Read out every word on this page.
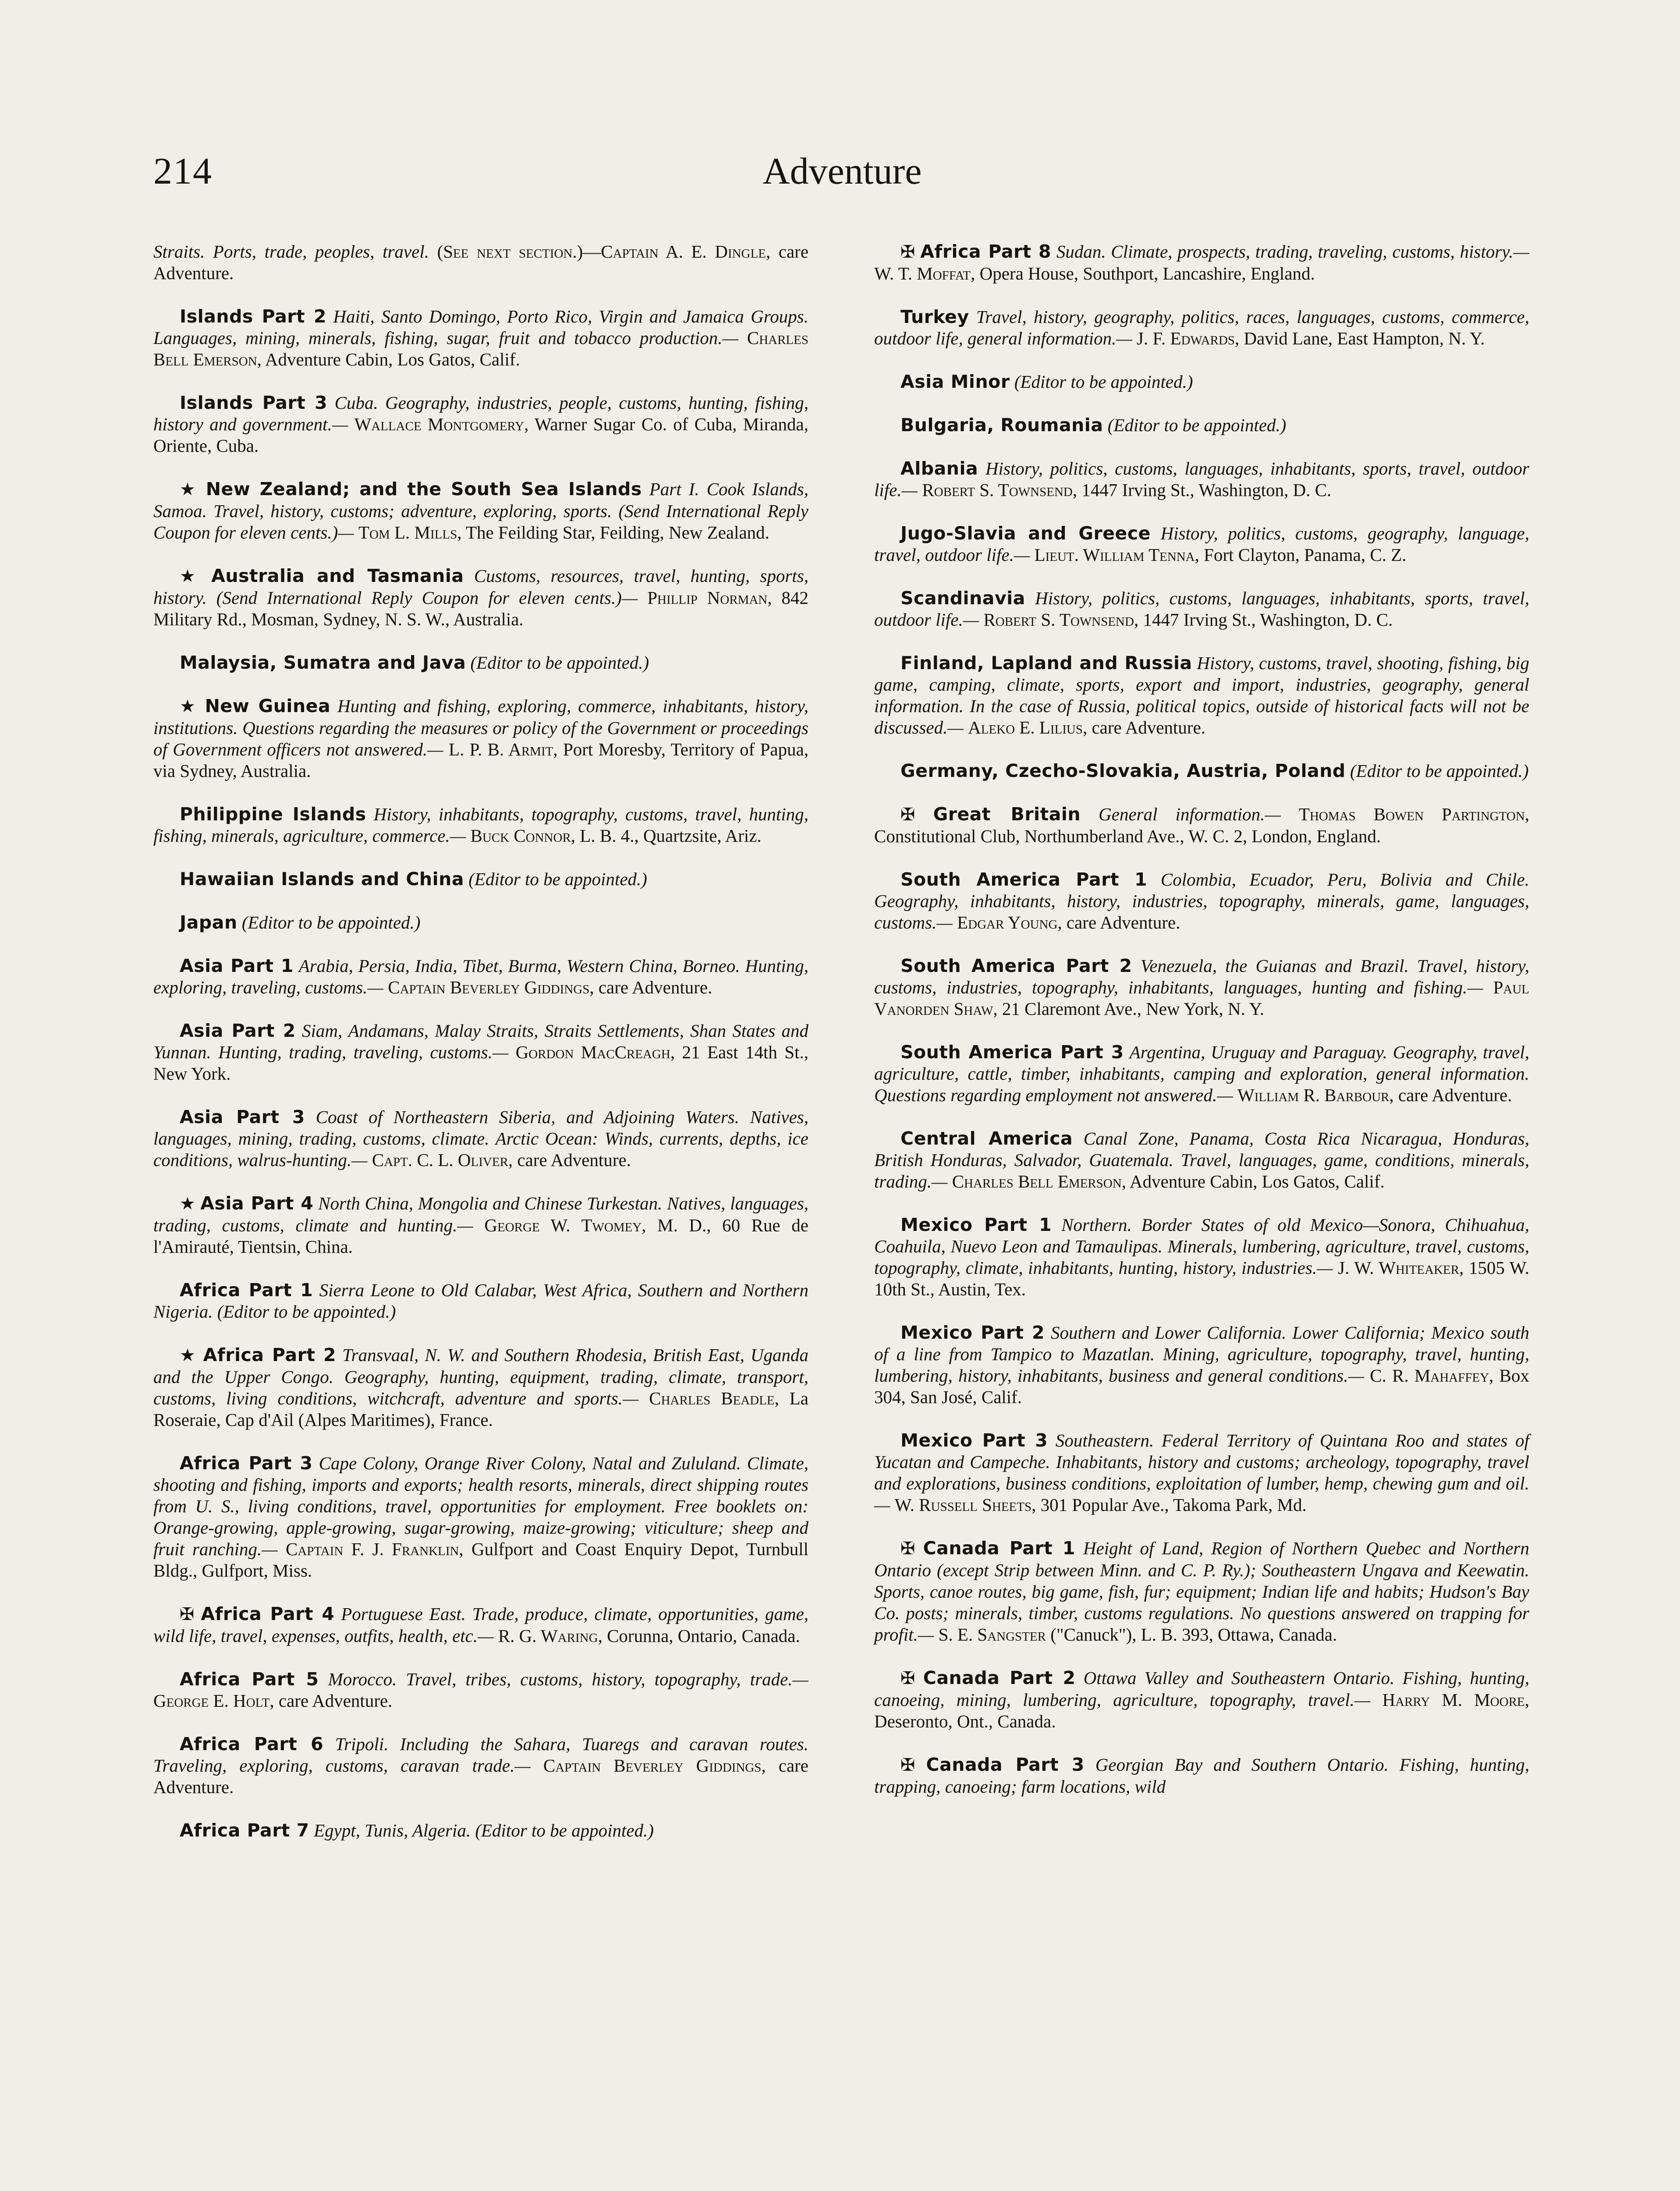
214	Adventure

Straits. Ports, trade, peoples, travel. (See next section.)—Captain A. E. Dingle, care Adventure.

Islands Part 2 Haiti, Santo Domingo, Porto Rico, Virgin and Jamaica Groups. Languages, mining, minerals, fishing, sugar, fruit and tobacco production.— Charles Bell Emerson, Adventure Cabin, Los Gatos, Calif.

Islands Part 3 Cuba. Geography, industries, people, customs, hunting, fishing, history and government.— Wallace Montgomery, Warner Sugar Co. of Cuba, Miranda, Oriente, Cuba.

★ New Zealand; and the South Sea Islands Part I. Cook Islands, Samoa. Travel, history, customs; adventure, exploring, sports. (Send International Reply Coupon for eleven cents.)— Tom L. Mills, The Feilding Star, Feilding, New Zealand.

★ Australia and Tasmania Customs, resources, travel, hunting, sports, history. (Send International Reply Coupon for eleven cents.)— Phillip Norman, 842 Military Rd., Mosman, Sydney, N. S. W., Australia.

Malaysia, Sumatra and Java (Editor to be appointed.)

★ New Guinea Hunting and fishing, exploring, commerce, inhabitants, history, institutions. Questions regarding the measures or policy of the Government or proceedings of Government officers not answered.— L. P. B. Armit, Port Moresby, Territory of Papua, via Sydney, Australia.

Philippine Islands History, inhabitants, topography, customs, travel, hunting, fishing, minerals, agriculture, commerce.— Buck Connor, L. B. 4., Quartzsite, Ariz.

Hawaiian Islands and China (Editor to be appointed.)

Japan (Editor to be appointed.)

Asia Part 1 Arabia, Persia, India, Tibet, Burma, Western China, Borneo. Hunting, exploring, traveling, customs.— Captain Beverley Giddings, care Adventure.

Asia Part 2 Siam, Andamans, Malay Straits, Straits Settlements, Shan States and Yunnan. Hunting, trading, traveling, customs.— Gordon MacCreagh, 21 East 14th St., New York.

Asia Part 3 Coast of Northeastern Siberia, and Adjoining Waters. Natives, languages, mining, trading, customs, climate. Arctic Ocean: Winds, currents, depths, ice conditions, walrus-hunting.— Capt. C. L. Oliver, care Adventure.

★ Asia Part 4 North China, Mongolia and Chinese Turkestan. Natives, languages, trading, customs, climate and hunting.— George W. Twomey, M. D., 60 Rue de l'Amirauté, Tientsin, China.

Africa Part 1 Sierra Leone to Old Calabar, West Africa, Southern and Northern Nigeria. (Editor to be appointed.)

★ Africa Part 2 Transvaal, N. W. and Southern Rhodesia, British East, Uganda and the Upper Congo. Geography, hunting, equipment, trading, climate, transport, customs, living conditions, witchcraft, adventure and sports.— Charles Beadle, La Roseraie, Cap d'Ail (Alpes Maritimes), France.

Africa Part 3 Cape Colony, Orange River Colony, Natal and Zululand. Climate, shooting and fishing, imports and exports; health resorts, minerals, direct shipping routes from U. S., living conditions, travel, opportunities for employment. Free booklets on: Orange-growing, apple-growing, sugar-growing, maize-growing; viticulture; sheep and fruit ranching.— Captain F. J. Franklin, Gulfport and Coast Enquiry Depot, Turnbull Bldg., Gulfport, Miss.

✠ Africa Part 4 Portuguese East. Trade, produce, climate, opportunities, game, wild life, travel, expenses, outfits, health, etc.— R. G. Waring, Corunna, Ontario, Canada.

Africa Part 5 Morocco. Travel, tribes, customs, history, topography, trade.— George E. Holt, care Adventure.

Africa Part 6 Tripoli. Including the Sahara, Tuaregs and caravan routes. Traveling, exploring, customs, caravan trade.— Captain Beverley Giddings, care Adventure.

Africa Part 7 Egypt, Tunis, Algeria. (Editor to be appointed.)

✠ Africa Part 8 Sudan. Climate, prospects, trading, traveling, customs, history.— W. T. Moffat, Opera House, Southport, Lancashire, England.

Turkey Travel, history, geography, politics, races, languages, customs, commerce, outdoor life, general information.— J. F. Edwards, David Lane, East Hampton, N. Y.

Asia Minor (Editor to be appointed.)

Bulgaria, Roumania (Editor to be appointed.)

Albania History, politics, customs, languages, inhabitants, sports, travel, outdoor life.— Robert S. Townsend, 1447 Irving St., Washington, D. C.

Jugo-Slavia and Greece History, politics, customs, geography, language, travel, outdoor life.— Lieut. William Tenna, Fort Clayton, Panama, C. Z.

Scandinavia History, politics, customs, languages, inhabitants, sports, travel, outdoor life.— Robert S. Townsend, 1447 Irving St., Washington, D. C.

Finland, Lapland and Russia History, customs, travel, shooting, fishing, big game, camping, climate, sports, export and import, industries, geography, general information. In the case of Russia, political topics, outside of historical facts will not be discussed.— Aleko E. Lilius, care Adventure.

Germany, Czecho-Slovakia, Austria, Poland (Editor to be appointed.)

✠ Great Britain General information.— Thomas Bowen Partington, Constitutional Club, Northumberland Ave., W. C. 2, London, England.

South America Part 1 Colombia, Ecuador, Peru, Bolivia and Chile. Geography, inhabitants, history, industries, topography, minerals, game, languages, customs.— Edgar Young, care Adventure.

South America Part 2 Venezuela, the Guianas and Brazil. Travel, history, customs, industries, topography, inhabitants, languages, hunting and fishing.— Paul Vanorden Shaw, 21 Claremont Ave., New York, N. Y.

South America Part 3 Argentina, Uruguay and Paraguay. Geography, travel, agriculture, cattle, timber, inhabitants, camping and exploration, general information. Questions regarding employment not answered.— William R. Barbour, care Adventure.

Central America Canal Zone, Panama, Costa Rica Nicaragua, Honduras, British Honduras, Salvador, Guatemala. Travel, languages, game, conditions, minerals, trading.— Charles Bell Emerson, Adventure Cabin, Los Gatos, Calif.

Mexico Part 1 Northern. Border States of old Mexico—Sonora, Chihuahua, Coahuila, Nuevo Leon and Tamaulipas. Minerals, lumbering, agriculture, travel, customs, topography, climate, inhabitants, hunting, history, industries.— J. W. Whiteaker, 1505 W. 10th St., Austin, Tex.

Mexico Part 2 Southern and Lower California. Lower California; Mexico south of a line from Tampico to Mazatlan. Mining, agriculture, topography, travel, hunting, lumbering, history, inhabitants, business and general conditions.— C. R. Mahaffey, Box 304, San José, Calif.

Mexico Part 3 Southeastern. Federal Territory of Quintana Roo and states of Yucatan and Campeche. Inhabitants, history and customs; archeology, topography, travel and explorations, business conditions, exploitation of lumber, hemp, chewing gum and oil.— W. Russell Sheets, 301 Popular Ave., Takoma Park, Md.

✠ Canada Part 1 Height of Land, Region of Northern Quebec and Northern Ontario (except Strip between Minn. and C. P. Ry.); Southeastern Ungava and Keewatin. Sports, canoe routes, big game, fish, fur; equipment; Indian life and habits; Hudson's Bay Co. posts; minerals, timber, customs regulations. No questions answered on trapping for profit.— S. E. Sangster ("Canuck"), L. B. 393, Ottawa, Canada.

✠ Canada Part 2 Ottawa Valley and Southeastern Ontario. Fishing, hunting, canoeing, mining, lumbering, agriculture, topography, travel.— Harry M. Moore, Deseronto, Ont., Canada.

✠ Canada Part 3 Georgian Bay and Southern Ontario. Fishing, hunting, trapping, canoeing; farm locations, wild
